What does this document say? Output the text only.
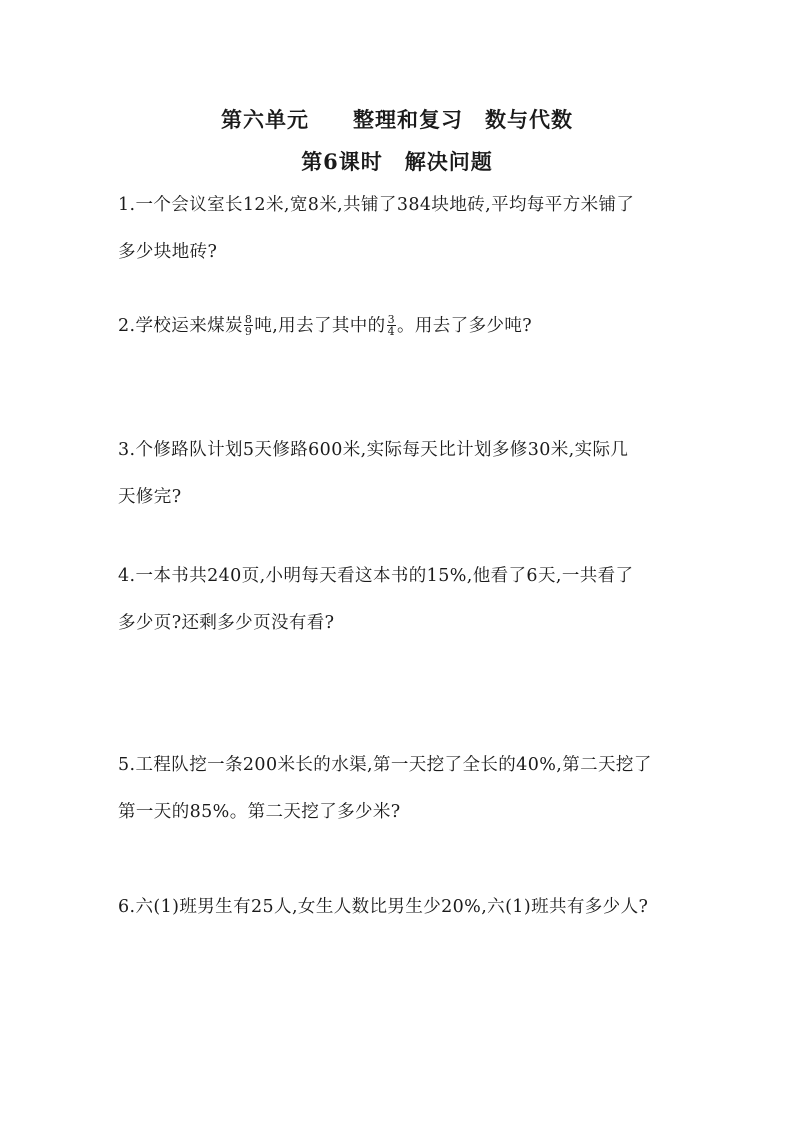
第六单元　　整理和复习　数与代数
第6课时　解决问题
1.一个会议室长12米,宽8米,共铺了384块地砖,平均每平方米铺了
多少块地砖?
2.学校运来煤炭 $\frac{8}{9}$ 吨,用去了其中的 $\frac{3}{4}$ 。用去了多少吨?
3.个修路队计划5天修路600米,实际每天比计划多修30米,实际几
天修完?
4.一本书共240页,小明每天看这本书的15%,他看了6天,一共看了
多少页?还剩多少页没有看?
5.工程队挖一条200米长的水渠,第一天挖了全长的40%,第二天挖了
第一天的85%。第二天挖了多少米?
6.六(1)班男生有25人,女生人数比男生少20%,六(1)班共有多少人?
